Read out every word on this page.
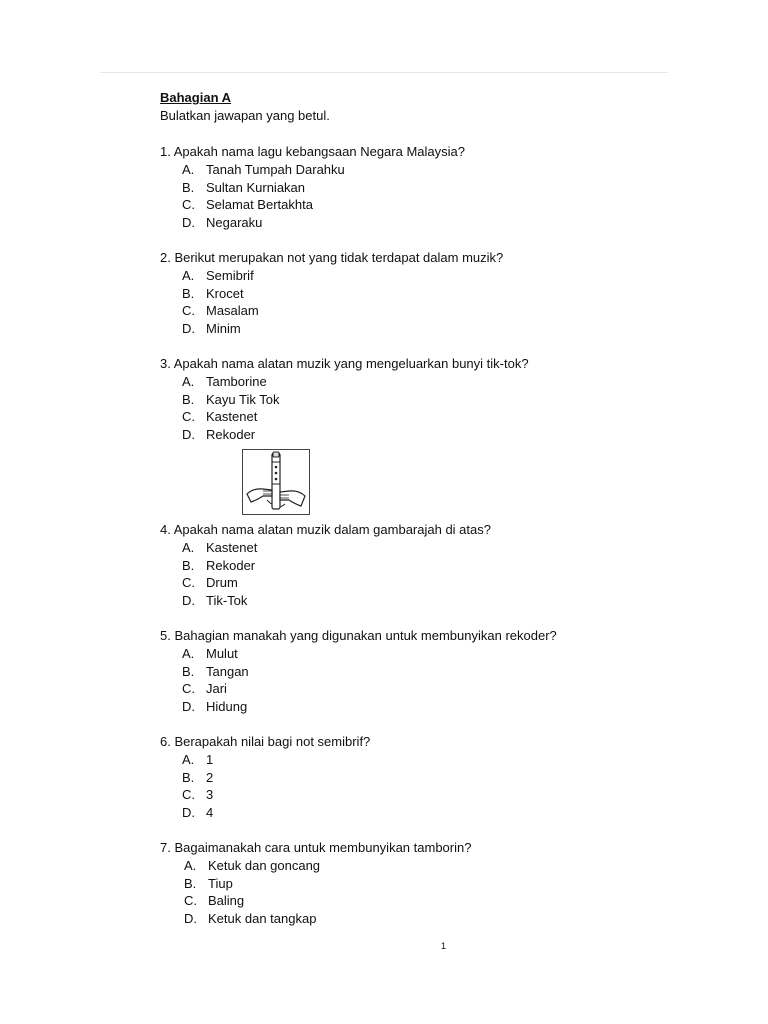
Bahagian A
Bulatkan jawapan yang betul.
1. Apakah nama lagu kebangsaan Negara Malaysia?
A. Tanah Tumpah Darahku
B. Sultan Kurniakan
C. Selamat Bertakhta
D. Negaraku
2. Berikut merupakan not yang tidak terdapat dalam muzik?
A. Semibrif
B. Krocet
C. Masalam
D. Minim
3. Apakah nama alatan muzik yang mengeluarkan bunyi tik-tok?
A. Tamborine
B. Kayu Tik Tok
C. Kastenet
D. Rekoder
4. Apakah nama alatan muzik dalam gambarajah di atas?
A. Kastenet
B. Rekoder
C. Drum
D. Tik-Tok
5. Bahagian manakah yang digunakan untuk membunyikan rekoder?
A. Mulut
B. Tangan
C. Jari
D. Hidung
6. Berapakah nilai bagi not semibrif?
A. 1
B. 2
C. 3
D. 4
7. Bagaimanakah cara untuk membunyikan tamborin?
A. Ketuk dan goncang
B. Tiup
C. Baling
D. Ketuk dan tangkap
1
